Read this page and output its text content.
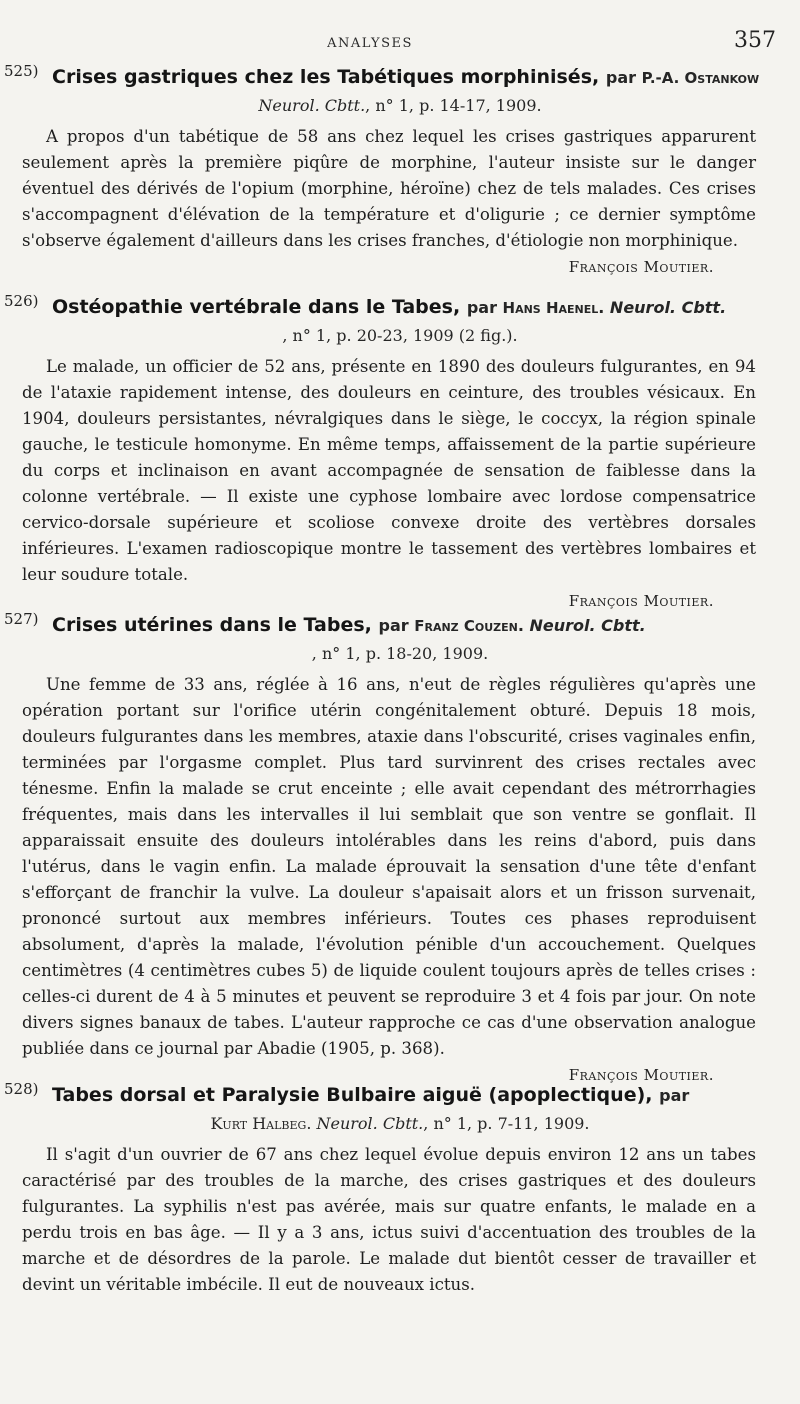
ANALYSES	357
525) Crises gastriques chez les Tabétiques morphinisés, par P.-A. Ostankow
Neurol. Cbtt., n° 1, p. 14-17, 1909.

A propos d'un tabétique de 58 ans chez lequel les crises gastriques apparurent seulement après la première piqûre de morphine, l'auteur insiste sur le danger éventuel des dérivés de l'opium (morphine, héroïne) chez de tels malades. Ces crises s'accompagnent d'élévation de la température et d'oligurie ; ce dernier symptôme s'observe également d'ailleurs dans les crises franches, d'étiologie non morphinique.

François Moutier.
526) Ostéopathie vertébrale dans le Tabes, par Hans Haenel. Neurol. Cbtt.
, n° 1, p. 20-23, 1909 (2 fig.).

Le malade, un officier de 52 ans, présente en 1890 des douleurs fulgurantes, en 94 de l'ataxie rapidement intense, des douleurs en ceinture, des troubles vésicaux. En 1904, douleurs persistantes, névralgiques dans le siège, le coccyx, la région spinale gauche, le testicule homonyme. En même temps, affaissement de la partie supérieure du corps et inclinaison en avant accompagnée de sensation de faiblesse dans la colonne vertébrale. — Il existe une cyphose lombaire avec lordose compensatrice cervico-dorsale supérieure et scoliose convexe droite des vertèbres dorsales inférieures. L'examen radioscopique montre le tassement des vertèbres lombaires et leur soudure totale.

François Moutier.
527) Crises utérines dans le Tabes, par Franz Couzen. Neurol. Cbtt.
, n° 1, p. 18-20, 1909.

Une femme de 33 ans, réglée à 16 ans, n'eut de règles régulières qu'après une opération portant sur l'orifice utérin congénitalement obturé. Depuis 18 mois, douleurs fulgurantes dans les membres, ataxie dans l'obscurité, crises vaginales enfin, terminées par l'orgasme complet. Plus tard survinrent des crises rectales avec ténesme. Enfin la malade se crut enceinte ; elle avait cependant des métrorrhagies fréquentes, mais dans les intervalles il lui semblait que son ventre se gonflait. Il apparaissait ensuite des douleurs intolérables dans les reins d'abord, puis dans l'utérus, dans le vagin enfin. La malade éprouvait la sensation d'une tête d'enfant s'efforçant de franchir la vulve. La douleur s'apaisait alors et un frisson survenait, prononcé surtout aux membres inférieurs. Toutes ces phases reproduisent absolument, d'après la malade, l'évolution pénible d'un accouchement. Quelques centimètres (4 centimètres cubes 5) de liquide coulent toujours après de telles crises : celles-ci durent de 4 à 5 minutes et peuvent se reproduire 3 et 4 fois par jour. On note divers signes banaux de tabes. L'auteur rapproche ce cas d'une observation analogue publiée dans ce journal par Abadie (1905, p. 368).

François Moutier.
528) Tabes dorsal et Paralysie Bulbaire aiguë (apoplectique), par
Kurt Halbeg. Neurol. Cbtt., n° 1, p. 7-11, 1909.

Il s'agit d'un ouvrier de 67 ans chez lequel évolue depuis environ 12 ans un tabes caractérisé par des troubles de la marche, des crises gastriques et des douleurs fulgurantes. La syphilis n'est pas avérée, mais sur quatre enfants, le malade en a perdu trois en bas âge. — Il y a 3 ans, ictus suivi d'accentuation des troubles de la marche et de désordres de la parole. Le malade dut bientôt cesser de travailler et devint un véritable imbécile. Il eut de nouveaux ictus.
